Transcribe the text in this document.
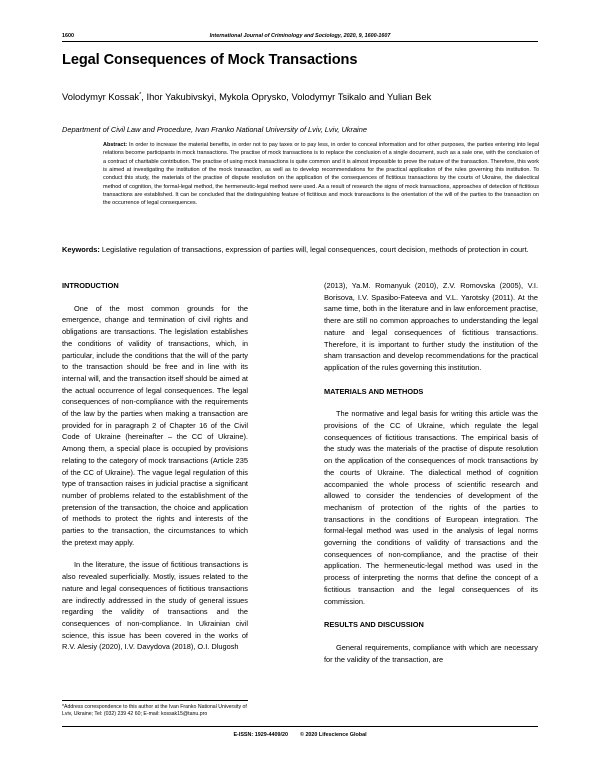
1600	International Journal of Criminology and Sociology, 2020, 9, 1600-1607
Legal Consequences of Mock Transactions
Volodymyr Kossak*, Ihor Yakubivskyi, Mykola Oprysko, Volodymyr Tsikalo and Yulian Bek
Department of Civil Law and Procedure, Ivan Franko National University of Lviv, Lviv, Ukraine
Abstract: In order to increase the material benefits, in order not to pay taxes or to pay less, in order to conceal information and for other purposes, the parties entering into legal relations become participants in mock transactions. The practise of mock transactions is to replace the conclusion of a single document, such as a sale one, with the conclusion of a contract of charitable contribution. The practise of using mock transactions is quite common and it is almost impossible to prove the nature of the transaction. Therefore, this work is aimed at investigating the institution of the mock transaction, as well as to develop recommendations for the practical application of the rules governing this institution. To conduct this study, the materials of the practise of dispute resolution on the application of the consequences of fictitious transactions by the courts of Ukraine, the dialectical method of cognition, the formal-legal method, the hermeneutic-legal method were used. As a result of research the signs of mock transactions, approaches of detection of fictitious transactions are established. It can be concluded that the distinguishing feature of fictitious and mock transactions is the orientation of the will of the parties to the transaction on the occurrence of legal consequences.
Keywords: Legislative regulation of transactions, expression of parties will, legal consequences, court decision, methods of protection in court.
INTRODUCTION

One of the most common grounds for the emergence, change and termination of civil rights and obligations are transactions. The legislation establishes the conditions of validity of transactions, which, in particular, include the conditions that the will of the party to the transaction should be free and in line with its internal will, and the transaction itself should be aimed at the actual occurrence of legal consequences. The legal consequences of non-compliance with the requirements of the law by the parties when making a transaction are provided for in paragraph 2 of Chapter 16 of the Civil Code of Ukraine (hereinafter – the CC of Ukraine). Among them, a special place is occupied by provisions relating to the category of mock transactions (Article 235 of the CC of Ukraine). The vague legal regulation of this type of transaction raises in judicial practise a significant number of problems related to the establishment of the pretension of the transaction, the choice and application of methods to protect the rights and interests of the parties to the transaction, the circumstances to which the pretext may apply.

In the literature, the issue of fictitious transactions is also revealed superficially. Mostly, issues related to the nature and legal consequences of fictitious transactions are indirectly addressed in the study of general issues regarding the validity of transactions and the consequences of non-compliance. In Ukrainian civil science, this issue has been covered in the works of R.V. Alesiy (2020), I.V. Davydova (2018), O.I. Dlugosh

*Address correspondence to this author at the Ivan Franko National University of Lviv, Ukraine; Tel: (032) 239 42 60; E-mail: kossak15@tanu.pro

(2013), Ya.M. Romanyuk (2010), Z.V. Romovska (2005), V.I. Borisova, I.V. Spasibo-Fateeva and V.L. Yarotsky (2011). At the same time, both in the literature and in law enforcement practise, there are still no common approaches to understanding the legal nature and legal consequences of fictitious transactions. Therefore, it is important to further study the institution of the sham transaction and develop recommendations for the practical application of the rules governing this institution.

MATERIALS AND METHODS

The normative and legal basis for writing this article was the provisions of the CC of Ukraine, which regulate the legal consequences of fictitious transactions. The empirical basis of the study was the materials of the practise of dispute resolution on the application of the consequences of mock transactions by the courts of Ukraine. The dialectical method of cognition accompanied the whole process of scientific research and allowed to consider the tendencies of development of the mechanism of protection of the rights of the parties to transactions in the conditions of European integration. The formal-legal method was used in the analysis of legal norms governing the conditions of validity of transactions and the consequences of non-compliance, and the practise of their application. The hermeneutic-legal method was used in the process of interpreting the norms that define the concept of a fictitious transaction and the legal consequences of its commission.

RESULTS AND DISCUSSION

General requirements, compliance with which are necessary for the validity of the transaction, are

E-ISSN: 1929-4409/20 © 2020 Lifescience Global
